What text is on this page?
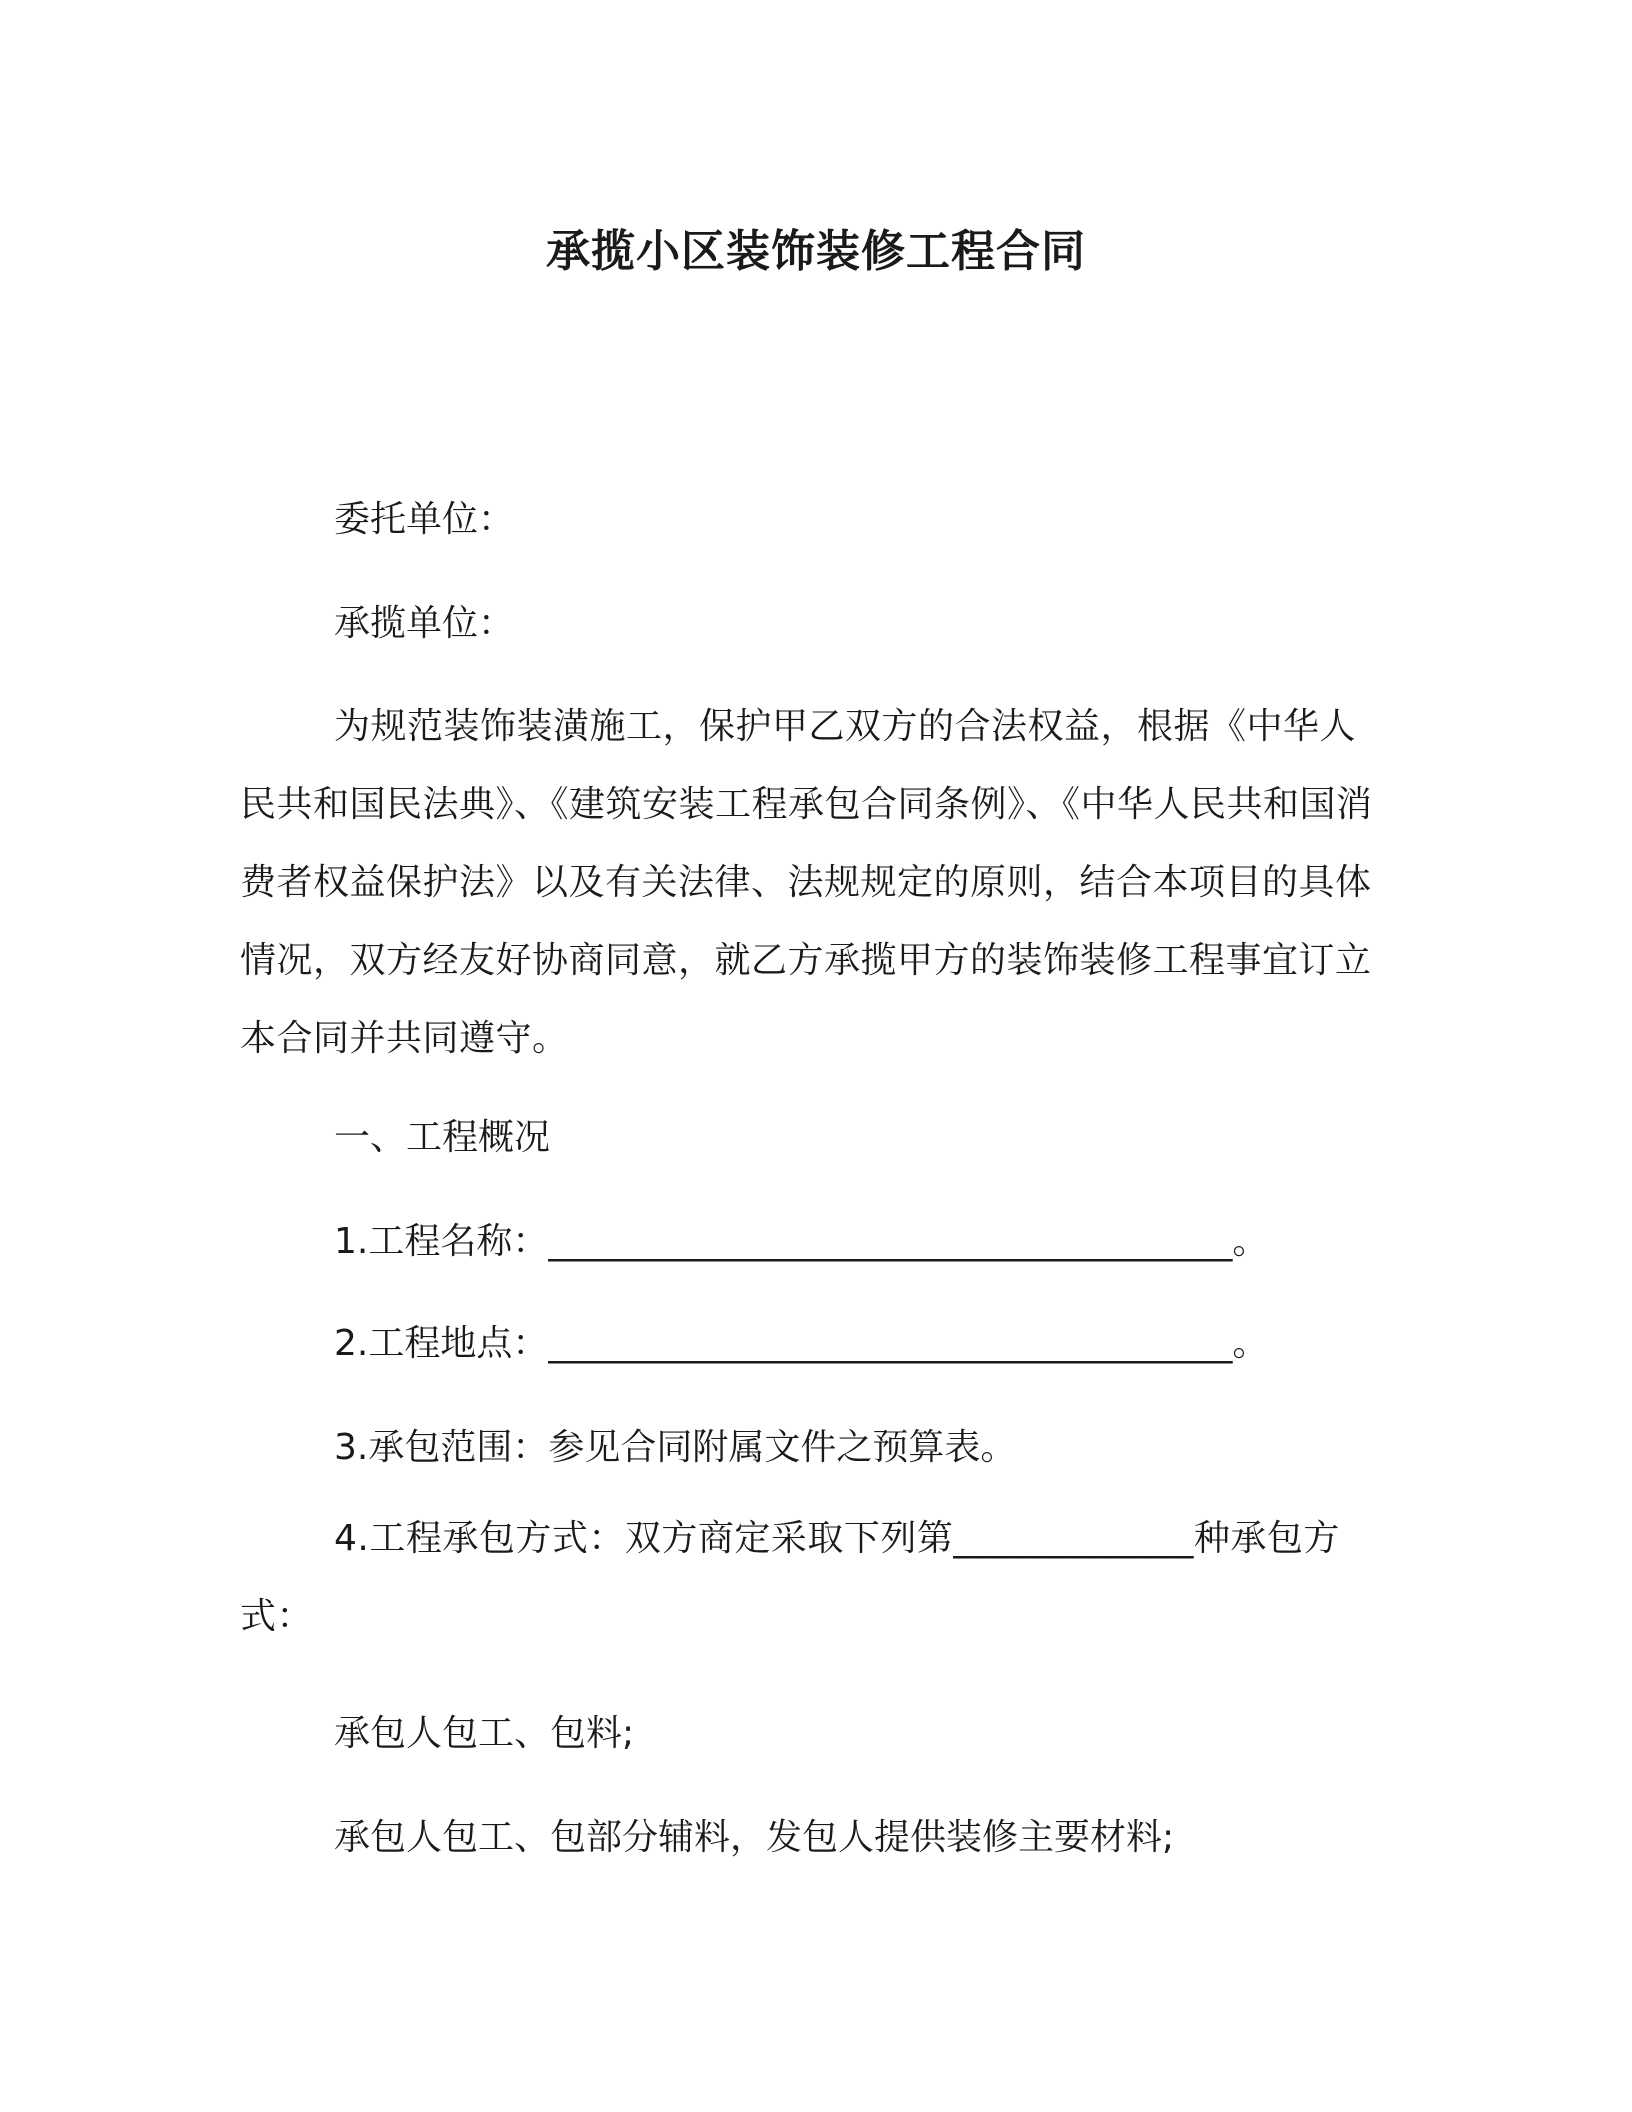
承揽小区装饰装修工程合同
委托单位：
承揽单位：
为规范装饰装潢施工，保护甲乙双方的合法权益，根据《中华人民共和国民法典》、《建筑安装工程承包合同条例》、《中华人民共和国消费者权益保护法》以及有关法律、法规规定的原则，结合本项目的具体情况，双方经友好协商同意，就乙方承揽甲方的装饰装修工程事宜订立本合同并共同遵守。
一、工程概况
1.工程名称：______________________________________。
2.工程地点：______________________________________。
3.承包范围：参见合同附属文件之预算表。
4.工程承包方式：双方商定采取下列第_____________种承包方式：
承包人包工、包料;
承包人包工、包部分辅料，发包人提供装修主要材料;
